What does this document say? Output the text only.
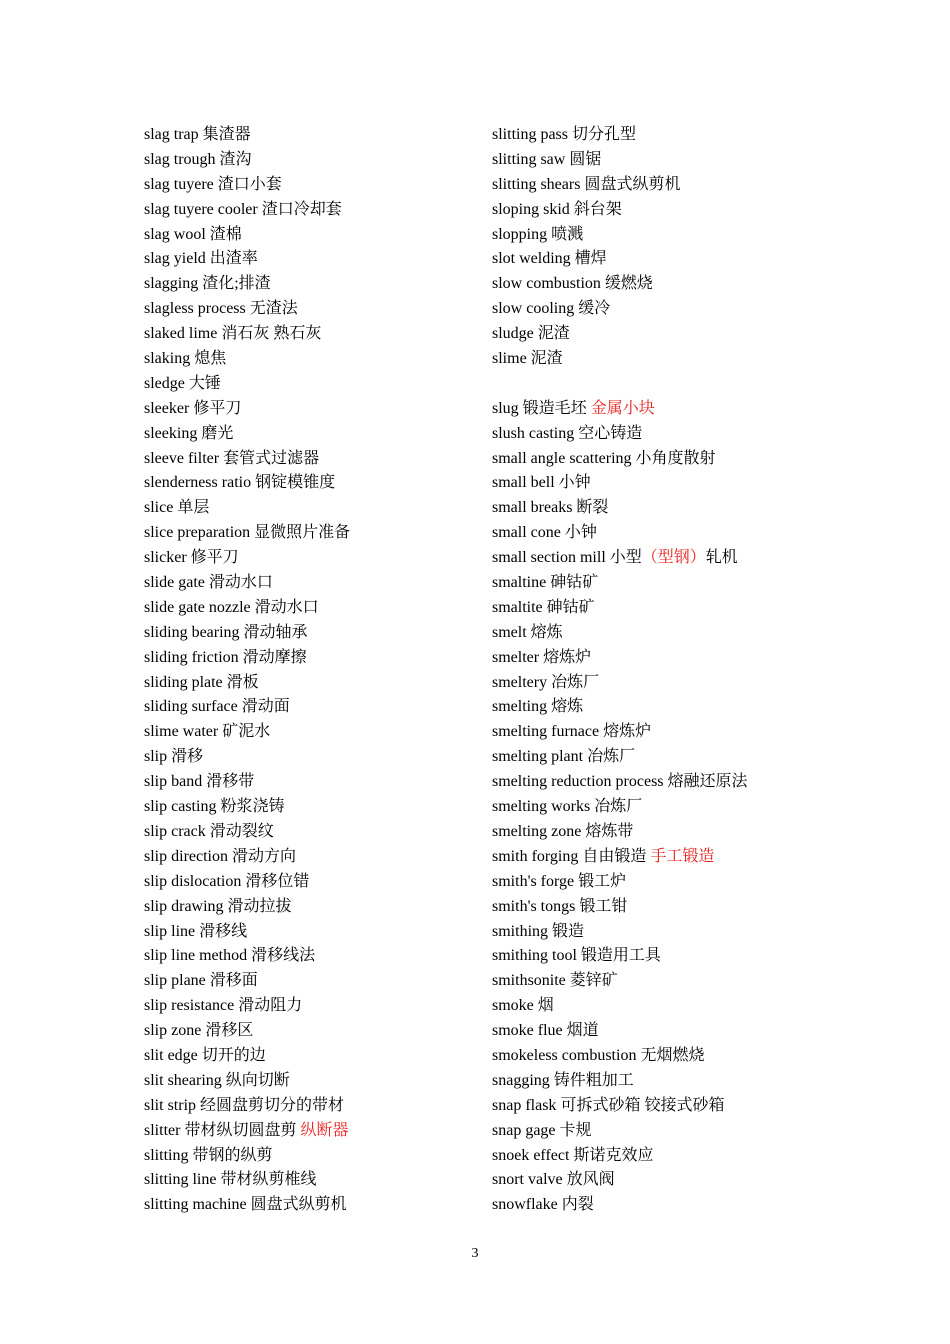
slag trap 集渣器
slag trough 渣沟
slag tuyere 渣口小套
slag tuyere cooler 渣口冷却套
slag wool 渣棉
slag yield 出渣率
slagging 渣化;排渣
slagless process 无渣法
slaked lime 消石灰 熟石灰
slaking 熄焦
sledge 大锤
sleeker 修平刀
sleeking 磨光
sleeve filter 套管式过滤器
slenderness ratio 钢锭模锥度
slice 单层
slice preparation 显微照片准备
slicker 修平刀
slide gate 滑动水口
slide gate nozzle 滑动水口
sliding bearing 滑动轴承
sliding friction 滑动摩擦
sliding plate 滑板
sliding surface 滑动面
slime water 矿泥水
slip 滑移
slip band 滑移带
slip casting 粉浆浇铸
slip crack 滑动裂纹
slip direction 滑动方向
slip dislocation 滑移位错
slip drawing 滑动拉拔
slip line 滑移线
slip line method 滑移线法
slip plane 滑移面
slip resistance 滑动阻力
slip zone 滑移区
slit edge 切开的边
slit shearing 纵向切断
slit strip 经圆盘剪切分的带材
slitter 带材纵切圆盘剪 纵断器
slitting 带钢的纵剪
slitting line 带材纵剪椎线
slitting machine 圆盘式纵剪机
slitting pass 切分孔型
slitting saw 圆锯
slitting shears 圆盘式纵剪机
sloping skid 斜台架
slopping 喷溅
slot welding 槽焊
slow combustion 缓燃烧
slow cooling 缓冷
sludge 泥渣
slime 泥渣
slug 锻造毛坯 金属小块
slush casting 空心铸造
small angle scattering 小角度散射
small bell 小钟
small breaks 断裂
small cone 小钟
small section mill 小型（型钢）轧机
smaltine 砷钴矿
smaltite 砷钴矿
smelt 熔炼
smelter 熔炼炉
smeltery 冶炼厂
smelting 熔炼
smelting furnace 熔炼炉
smelting plant 冶炼厂
smelting reduction process 熔融还原法
smelting works 冶炼厂
smelting zone 熔炼带
smith forging 自由锻造 手工锻造
smith's forge 锻工炉
smith's tongs 锻工钳
smithing 锻造
smithing tool 锻造用工具
smithsonite 菱锌矿
smoke 烟
smoke flue 烟道
smokeless combustion 无烟燃烧
snagging 铸件粗加工
snap flask 可拆式砂箱 铰接式砂箱
snap gage 卡规
snoek effect 斯诺克效应
snort valve 放风阀
snowflake 内裂
3
